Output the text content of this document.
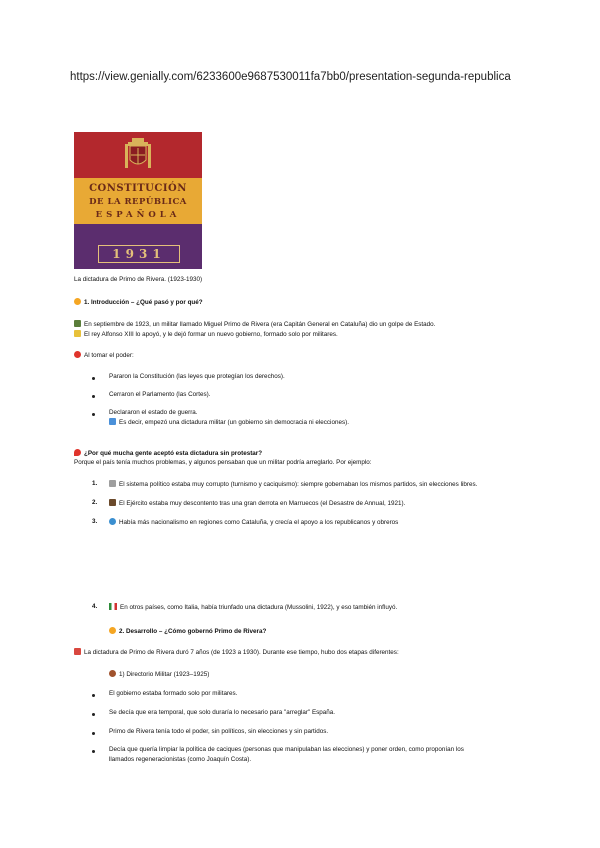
https://view.genially.com/6233600e9687530011fa7bb0/presentation-segunda-republica
CONSTITUCIÓN
DE LA REPÚBLICA
ESPAÑOLA
1931
La dictadura de Primo de Rivera. (1923-1930)
1. Introducción – ¿Qué pasó y por qué?
En septiembre de 1923, un militar llamado Miguel Primo de Rivera (era Capitán General en Cataluña) dio un golpe de Estado.
El rey Alfonso XIII lo apoyó, y le dejó formar un nuevo gobierno, formado solo por militares.
Al tomar el poder:
Pararon la Constitución (las leyes que protegían los derechos).
Cerraron el Parlamento (las Cortes).
Declararon el estado de guerra.
Es decir, empezó una dictadura militar (un gobierno sin democracia ni elecciones).
¿Por qué mucha gente aceptó esta dictadura sin protestar?
Porque el país tenía muchos problemas, y algunos pensaban que un militar podría arreglarlo. Por ejemplo:
1.	El sistema político estaba muy corrupto (turnismo y caciquismo): siempre gobernaban los mismos partidos, sin elecciones libres.
2.	El Ejército estaba muy descontento tras una gran derrota en Marruecos (el Desastre de Annual, 1921).
3.	Había más nacionalismo en regiones como Cataluña, y crecía el apoyo a los republicanos y obreros
4.	En otros países, como Italia, había triunfado una dictadura (Mussolini, 1922), y eso también influyó.
2. Desarrollo – ¿Cómo gobernó Primo de Rivera?
La dictadura de Primo de Rivera duró 7 años (de 1923 a 1930). Durante ese tiempo, hubo dos etapas diferentes:
1) Directorio Militar (1923–1925)
El gobierno estaba formado solo por militares.
Se decía que era temporal, que solo duraría lo necesario para "arreglar" España.
Primo de Rivera tenía todo el poder, sin políticos, sin elecciones y sin partidos.
Decía que quería limpiar la política de caciques (personas que manipulaban las elecciones) y poner orden, como proponían los
llamados regeneracionistas (como Joaquín Costa).
